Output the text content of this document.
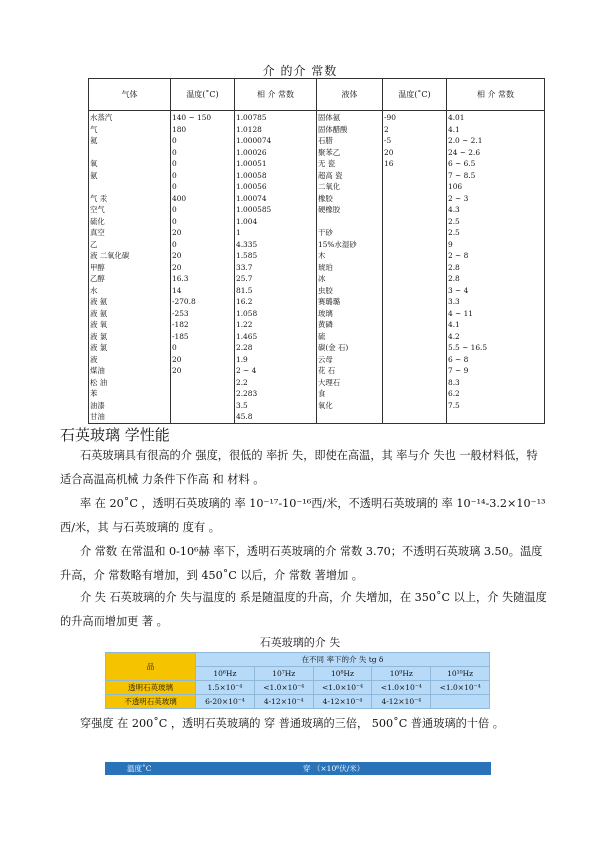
介 的介 常数
气体	温度(˚C)	相 介 常数	液体	温度(˚C)	相 介 常数
水蒸汽	140 ~ 150	1.00785	固体氨	-90	4.01
气	180	1.0128	固体醋酸	2	4.1
氦	0	1.000074	石腊	-5	2.0 ~ 2.1
	0	1.00026	聚苯乙	20	24 ~ 2.6
氧	0	1.00051	无 瓷	16	6 ~ 6.5
氨	0	1.00058	超高 瓷		7 ~ 8.5
	0	1.00056	二氧化		106
气 汞	400	1.00074	橡胶		2 ~ 3
空气	0	1.000585	硬橡胶		4.3
硫化	0	1.004			2.5
真空	20	1	干砂		2.5
乙	0	4.335	15%水湿砂		9
液 二氧化碳	20	1.585	木		2 ~ 8
甲醇	20	33.7	琥珀		2.8
乙醇	16.3	25.7	冰		2.8
水	14	81.5	虫胶		3 ~ 4
液 氨	-270.8	16.2	赛璐璐		3.3
液 氨	-253	1.058	玻璃		4 ~ 11
液 氧	-182	1.22	黄磷		4.1
液 氯	-185	1.465	硫		4.2
液 氯	0	2.28	碳(金 石)		5.5 ~ 16.5
液	20	1.9	云母		6 ~ 8
煤油	20	2 ~ 4	花 石		7 ~ 9
松 油		2.2	大理石		8.3
苯		2.283	食		6.2
油漆		3.5	氧化		7.5
甘油		45.8			
石英玻璃 学性能

石英玻璃具有很高的介 强度，很低的 率折 失，即使在高温，其 率与介 失也 一般材料低，特 适合高温高机械 力条件下作高 和 材料 。

率 在 20˚C ，透明石英玻璃的 率 10⁻¹⁷-10⁻¹⁶西/米，不透明石英玻璃的 率 10⁻¹⁴-3.2×10⁻¹³西/米，其 与石英玻璃的 度有 。

介 常数 在常温和 0-10⁶赫 率下，透明石英玻璃的介 常数 3.70；不透明石英玻璃 3.50。温度升高，介 常数略有增加，到 450˚C 以后，介 常数 著增加 。

介 失 石英玻璃的介 失与温度的 系是随温度的升高，介 失增加，在 350˚C 以上，介 失随温度的升高而增加更 著 。

石英玻璃的介 失
品	在不同 率下的介 失 tg δ				
	10⁶Hz	10⁷Hz	10⁸Hz	10⁹Hz	10¹⁰Hz
透明石英玻璃	1.5×10⁻⁴	<1.0×10⁻⁴	<1.0×10⁻⁴	<1.0×10⁻⁴	<1.0×10⁻⁴
不透明石英玻璃	6-20×10⁻⁴	4-12×10⁻⁴	4-12×10⁻⁴	4-12×10⁻⁴	

穿强度 在 200˚C ，透明石英玻璃的 穿 普通玻璃的三倍， 500˚C 普通玻璃的十倍 。

温度˚C	穿 （×10⁶伏/米）
